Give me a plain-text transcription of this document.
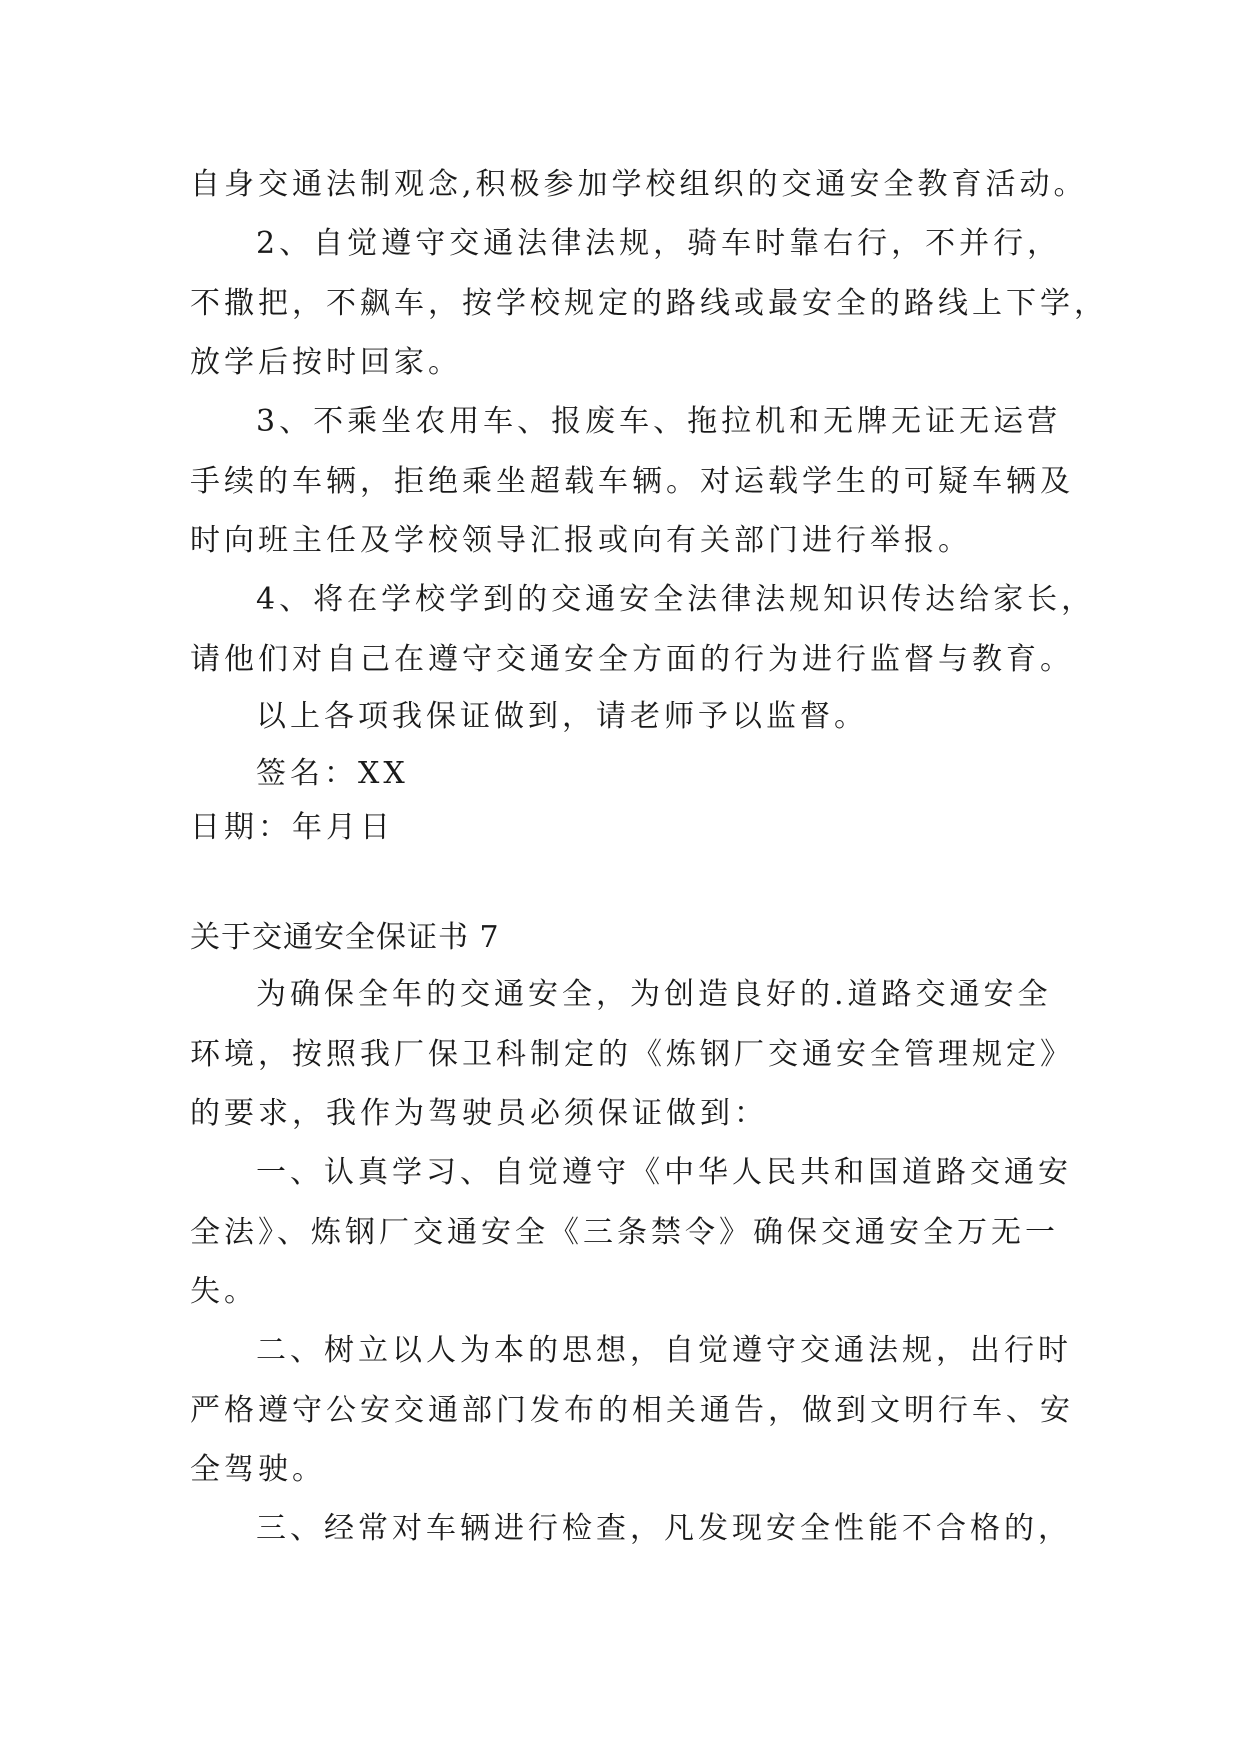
自身交通法制观念,积极参加学校组织的交通安全教育活动。
2、自觉遵守交通法律法规，骑车时靠右行，不并行，
不撒把，不飙车，按学校规定的路线或最安全的路线上下学，
放学后按时回家。
3、不乘坐农用车、报废车、拖拉机和无牌无证无运营
手续的车辆，拒绝乘坐超载车辆。对运载学生的可疑车辆及
时向班主任及学校领导汇报或向有关部门进行举报。
4、将在学校学到的交通安全法律法规知识传达给家长，
请他们对自己在遵守交通安全方面的行为进行监督与教育。
以上各项我保证做到，请老师予以监督。
签名：XX
日期：年月日
关于交通安全保证书 7
为确保全年的交通安全，为创造良好的.道路交通安全
环境，按照我厂保卫科制定的《炼钢厂交通安全管理规定》
的要求，我作为驾驶员必须保证做到：
一、认真学习、自觉遵守《中华人民共和国道路交通安
全法》、炼钢厂交通安全《三条禁令》确保交通安全万无一
失。
二、树立以人为本的思想，自觉遵守交通法规，出行时
严格遵守公安交通部门发布的相关通告，做到文明行车、安
全驾驶。
三、经常对车辆进行检查，凡发现安全性能不合格的，
